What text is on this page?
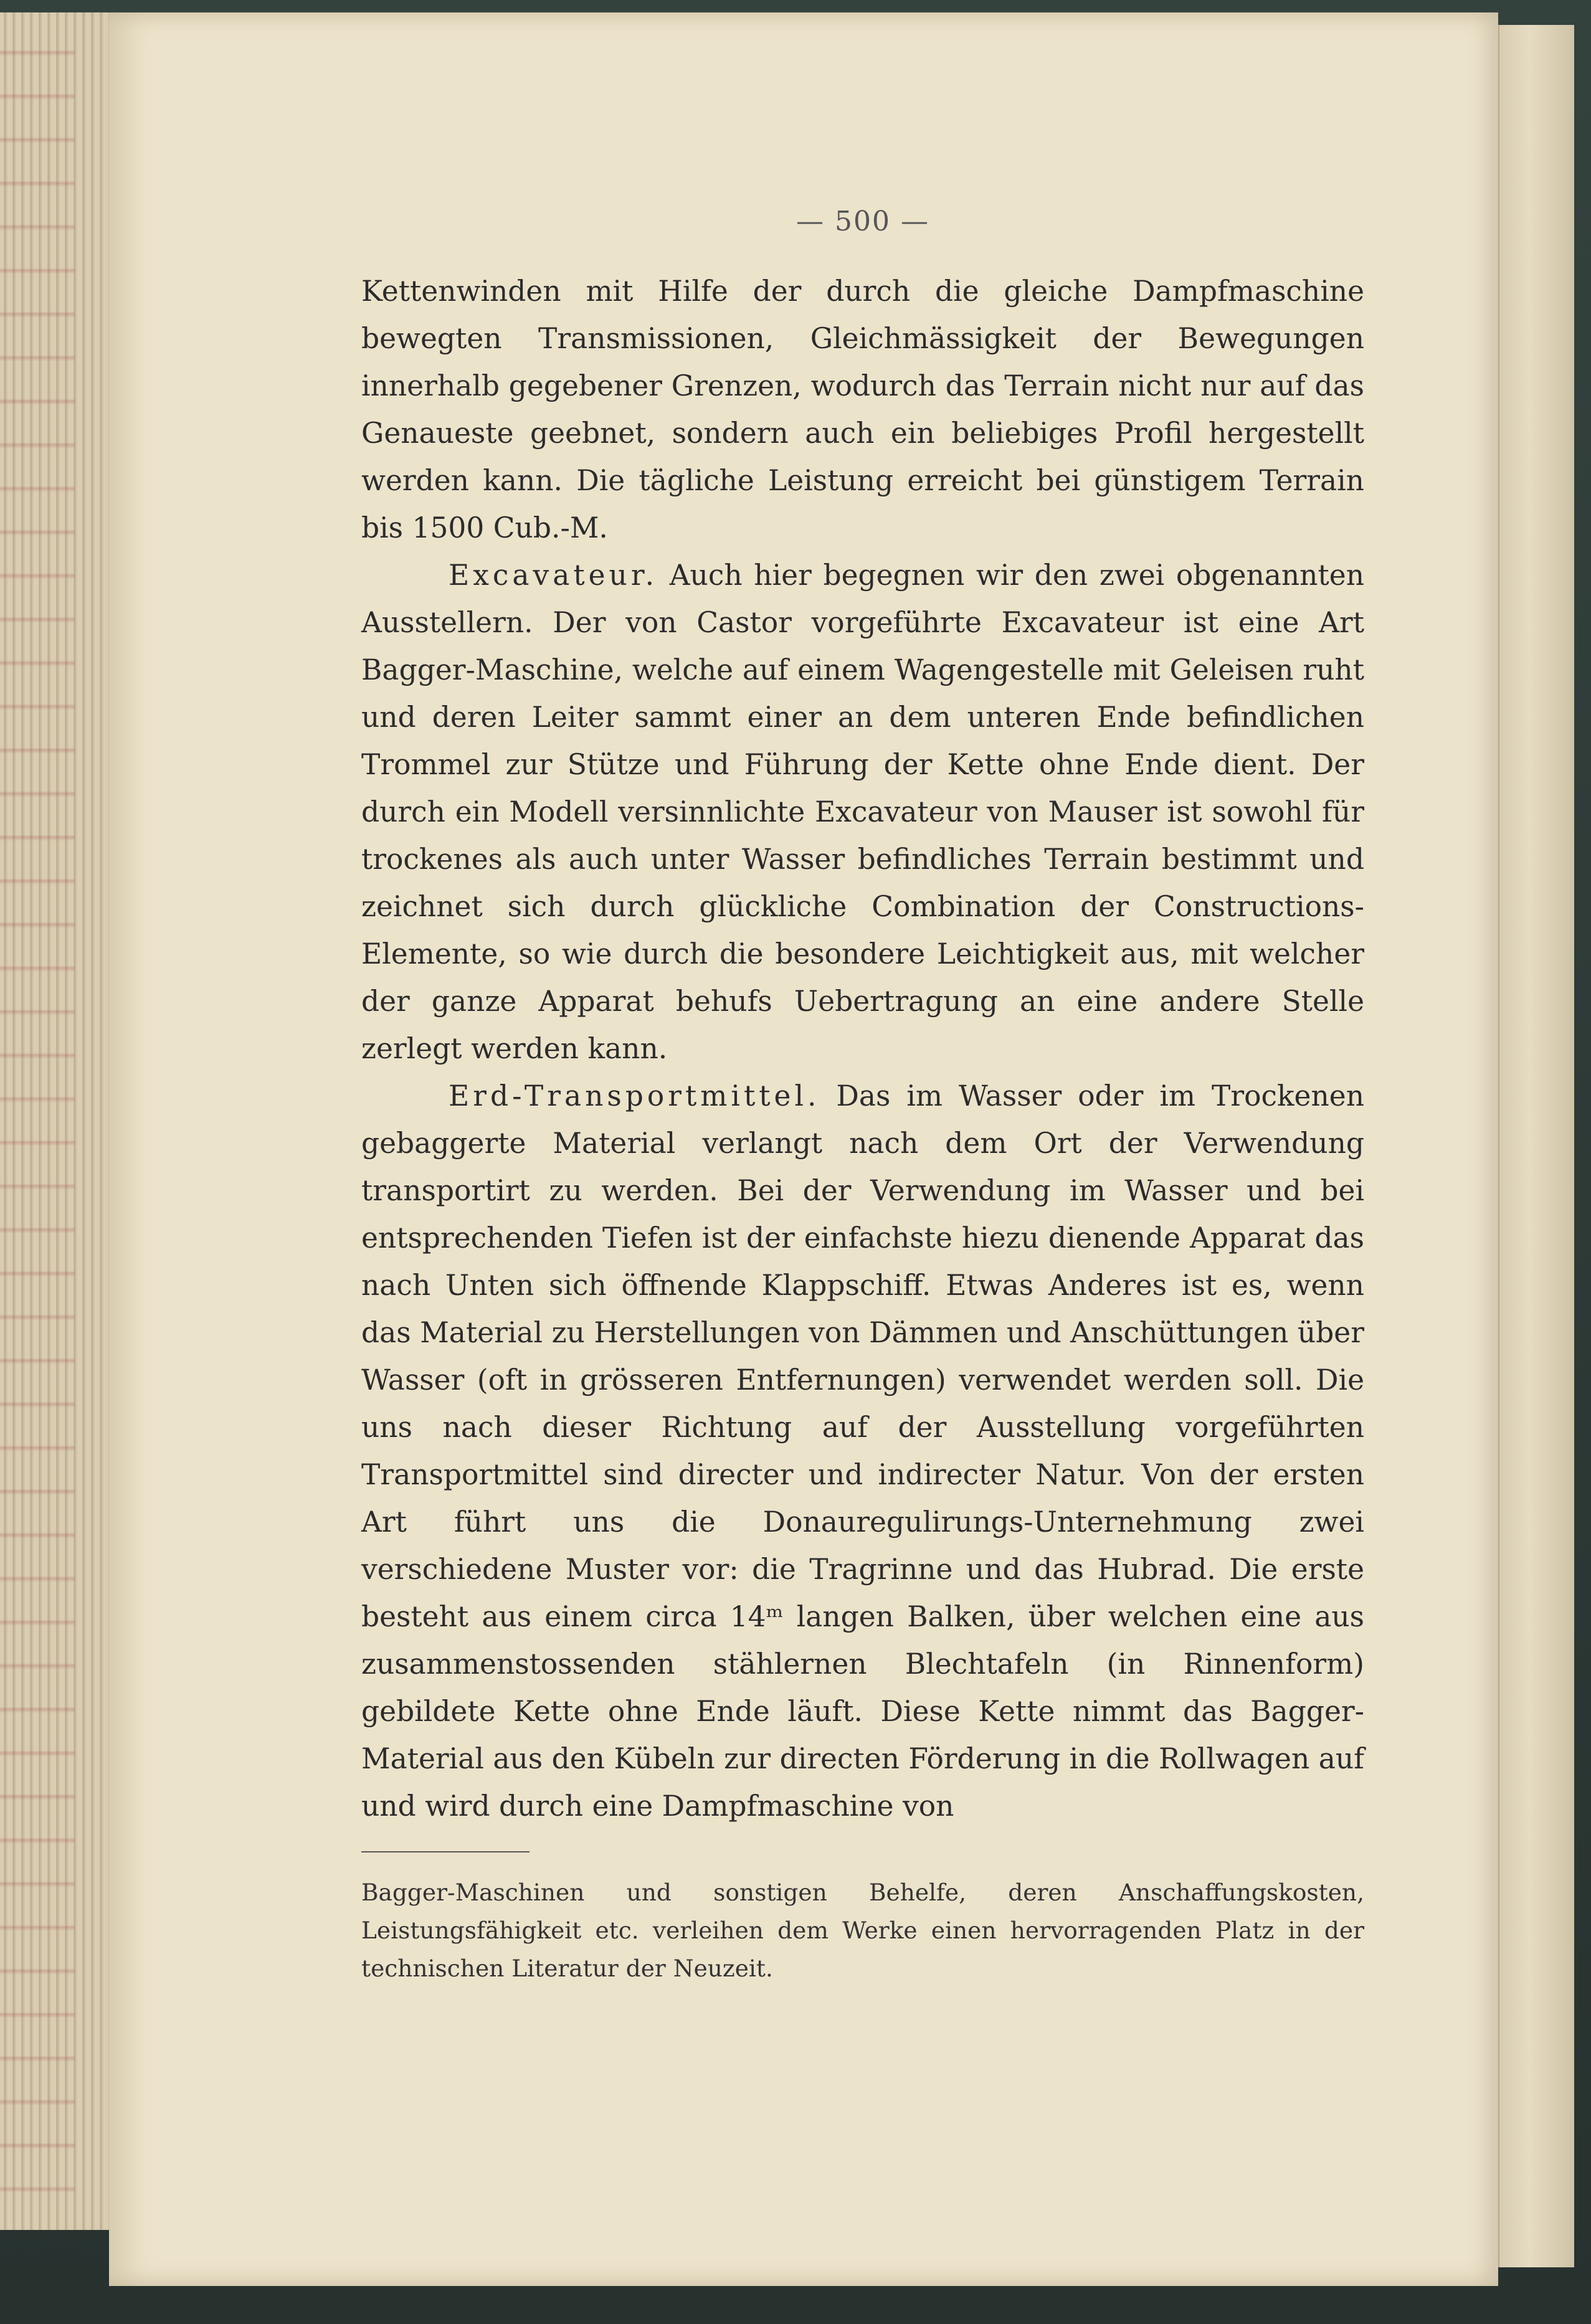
— 500 —

Kettenwinden mit Hilfe der durch die gleiche Dampfmaschine bewegten Transmissionen, Gleichmässigkeit der Bewegungen innerhalb gegebener Grenzen, wodurch das Terrain nicht nur auf das Genaueste geebnet, sondern auch ein beliebiges Profil hergestellt werden kann. Die tägliche Leistung erreicht bei günstigem Terrain bis 1500 Cub.-M.

Excavateur. Auch hier begegnen wir den zwei obgenannten Ausstellern. Der von Castor vorgeführte Excavateur ist eine Art Bagger-Maschine, welche auf einem Wagengestelle mit Geleisen ruht und deren Leiter sammt einer an dem unteren Ende befindlichen Trommel zur Stütze und Führung der Kette ohne Ende dient. Der durch ein Modell versinnlichte Excavateur von Mauser ist sowohl für trockenes als auch unter Wasser befindliches Terrain bestimmt und zeichnet sich durch glückliche Combination der Constructions-Elemente, so wie durch die besondere Leichtigkeit aus, mit welcher der ganze Apparat behufs Uebertragung an eine andere Stelle zerlegt werden kann.

Erd-Transportmittel. Das im Wasser oder im Trockenen gebaggerte Material verlangt nach dem Ort der Verwendung transportirt zu werden. Bei der Verwendung im Wasser und bei entsprechenden Tiefen ist der einfachste hiezu dienende Apparat das nach Unten sich öffnende Klappschiff. Etwas Anderes ist es, wenn das Material zu Herstellungen von Dämmen und Anschüttungen über Wasser (oft in grösseren Entfernungen) verwendet werden soll. Die uns nach dieser Richtung auf der Ausstellung vorgeführten Transportmittel sind directer und indirecter Natur. Von der ersten Art führt uns die Donauregulirungs-Unternehmung zwei verschiedene Muster vor: die Tragrinne und das Hubrad. Die erste besteht aus einem circa 14ᵐ langen Balken, über welchen eine aus zusammenstossenden stählernen Blechtafeln (in Rinnenform) gebildete Kette ohne Ende läuft. Diese Kette nimmt das Bagger-Material aus den Kübeln zur directen Förderung in die Rollwagen auf und wird durch eine Dampfmaschine von

Bagger-Maschinen und sonstigen Behelfe, deren Anschaffungskosten, Leistungsfähigkeit etc. verleihen dem Werke einen hervorragenden Platz in der technischen Literatur der Neuzeit.
